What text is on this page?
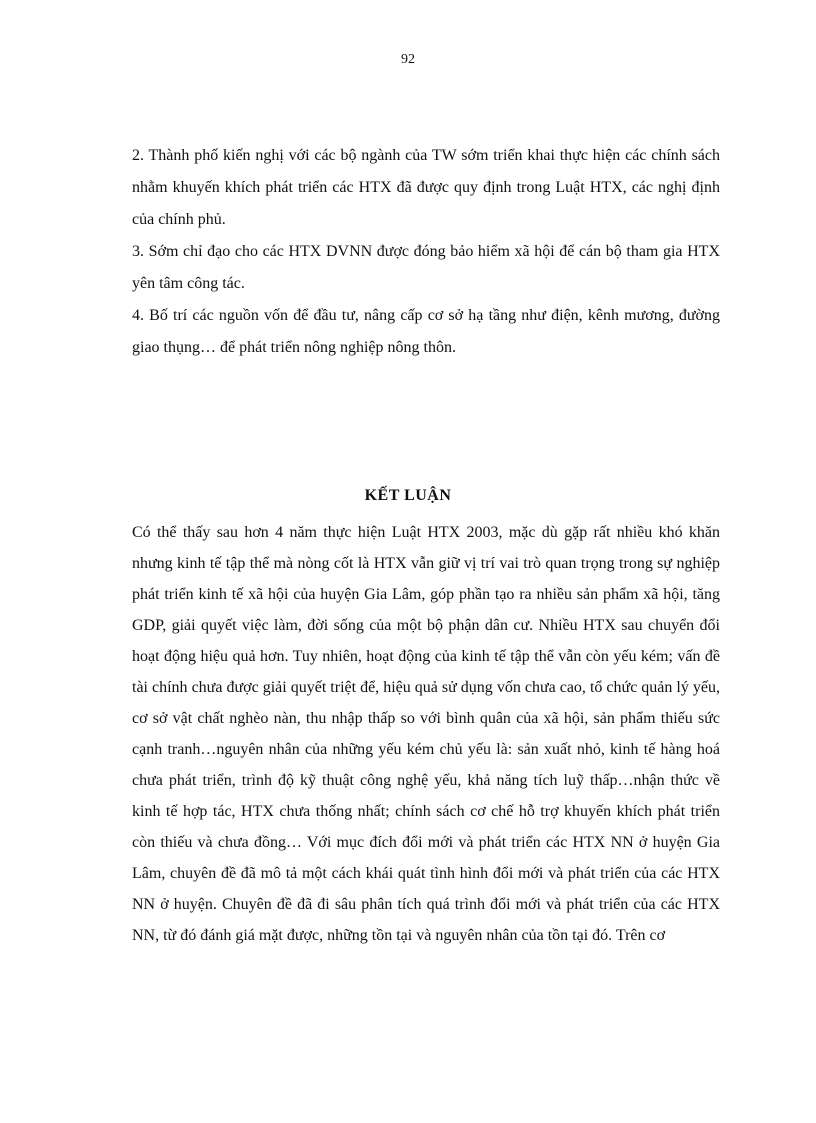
92

2. Thành phố kiến nghị với các bộ ngành của TW sớm triển khai thực hiện các chính sách nhằm khuyến khích phát triển các HTX đã được quy định trong Luật HTX, các nghị định của chính phủ.

3. Sớm chỉ đạo cho các HTX DVNN được đóng bảo hiểm xã hội để cán bộ tham gia HTX yên tâm công tác.

4. Bố trí các nguồn vốn để đầu tư, nâng cấp cơ sở hạ tầng như điện, kênh mương, đường giao thụng… để phát triển nông nghiệp nông thôn.

KẾT LUẬN

Có thể thấy sau hơn 4 năm thực hiện Luật HTX 2003, mặc dù gặp rất nhiều khó khăn nhưng kinh tế tập thể mà nòng cốt là HTX vẫn giữ vị trí vai trò quan trọng trong sự nghiệp phát triển kinh tế xã hội của huyện Gia Lâm, góp phần tạo ra nhiều sản phẩm xã hội, tăng GDP, giải quyết việc làm, đời sống của một bộ phận dân cư. Nhiều HTX sau chuyển đổi hoạt động hiệu quả hơn. Tuy nhiên, hoạt động của kinh tế tập thể vẫn còn yếu kém; vấn đề tài chính chưa được giải quyết triệt để, hiệu quả sử dụng vốn chưa cao, tổ chức quản lý yếu, cơ sở vật chất nghèo nàn, thu nhập thấp so với bình quân của xã hội, sản phẩm thiếu sức cạnh tranh…nguyên nhân của những yếu kém chủ yếu là: sản xuất nhỏ, kinh tế hàng hoá chưa phát triển, trình độ kỹ thuật công nghệ yếu, khả năng tích luỹ thấp…nhận thức về kinh tế hợp tác, HTX chưa thống nhất; chính sách cơ chế hỗ trợ khuyến khích phát triển còn thiếu và chưa đồng… Với mục đích đổi mới và phát triển các HTX NN ở huyện Gia Lâm, chuyên đề đã mô tả một cách khái quát tình hình đổi mới và phát triển của các HTX NN ở huyện. Chuyên đề đã đi sâu phân tích quá trình đổi mới và phát triển của các HTX NN, từ đó đánh giá mặt được, những tồn tại và nguyên nhân của tồn tại đó. Trên cơ
